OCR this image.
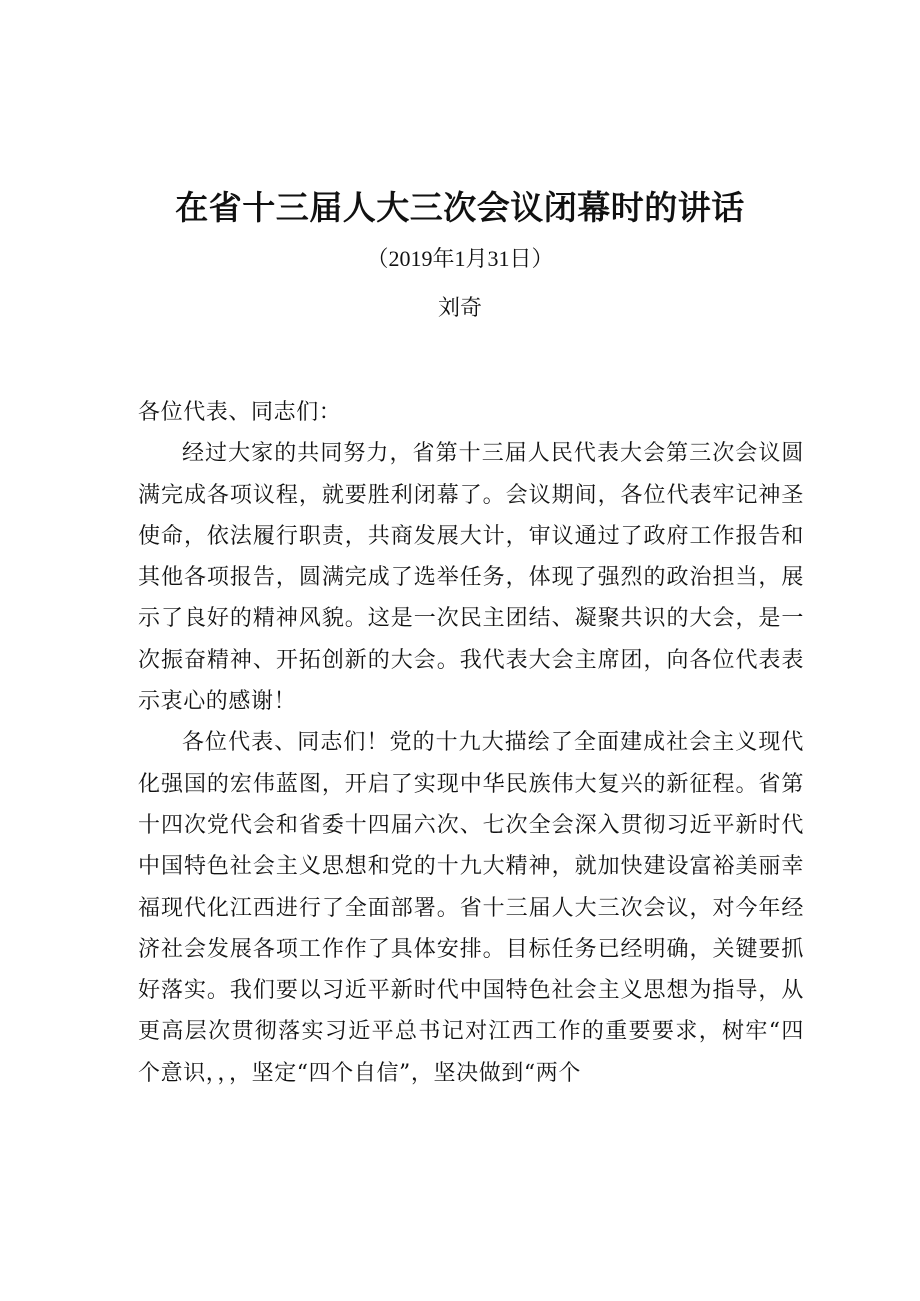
在省十三届人大三次会议闭幕时的讲话
（2019年1月31日）
刘奇

各位代表、同志们：

经过大家的共同努力，省第十三届人民代表大会第三次会议圆满完成各项议程，就要胜利闭幕了。会议期间，各位代表牢记神圣使命，依法履行职责，共商发展大计，审议通过了政府工作报告和其他各项报告，圆满完成了选举任务，体现了强烈的政治担当，展示了良好的精神风貌。这是一次民主团结、凝聚共识的大会，是一次振奋精神、开拓创新的大会。我代表大会主席团，向各位代表表示衷心的感谢！

各位代表、同志们！党的十九大描绘了全面建成社会主义现代化强国的宏伟蓝图，开启了实现中华民族伟大复兴的新征程。省第十四次党代会和省委十四届六次、七次全会深入贯彻习近平新时代中国特色社会主义思想和党的十九大精神，就加快建设富裕美丽幸福现代化江西进行了全面部署。省十三届人大三次会议，对今年经济社会发展各项工作作了具体安排。目标任务已经明确，关键要抓好落实。我们要以习近平新时代中国特色社会主义思想为指导，从更高层次贯彻落实习近平总书记对江西工作的重要要求，树牢“四个意识，，，坚定“四个自信”，坚决做到“两个
